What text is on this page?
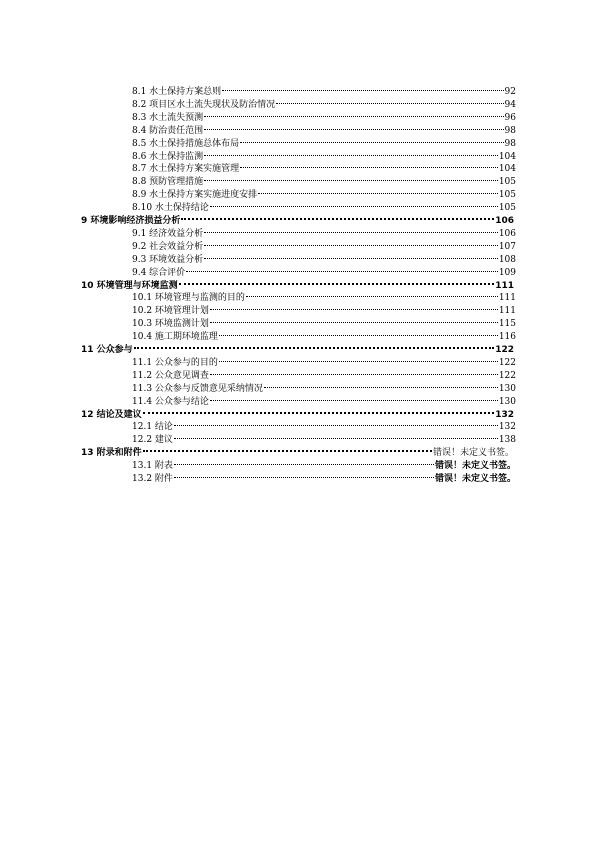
8.1 水土保持方案总则	92
8.2 项目区水土流失现状及防治情况	94
8.3 水土流失预测	96
8.4 防治责任范围	98
8.5 水土保持措施总体布局	98
8.6 水土保持监测	104
8.7 水土保持方案实施管理	104
8.8 预防管理措施	105
8.9 水土保持方案实施进度安排	105
8.10 水土保持结论	105
9 环境影响经济损益分析	106
9.1 经济效益分析	106
9.2 社会效益分析	107
9.3 环境效益分析	108
9.4 综合评价	109
10 环境管理与环境监测	111
10.1 环境管理与监测的目的	111
10.2 环境管理计划	111
10.3 环境监测计划	115
10.4 施工期环境监理	116
11 公众参与	122
11.1 公众参与的目的	122
11.2 公众意见调查	122
11.3 公众参与反馈意见采纳情况	130
11.4 公众参与结论	130
12 结论及建议	132
12.1 结论	132
12.2 建议	138
13 附录和附件	错误！未定义书签。
13.1 附表	错误！未定义书签。
13.2 附件	错误！未定义书签。
